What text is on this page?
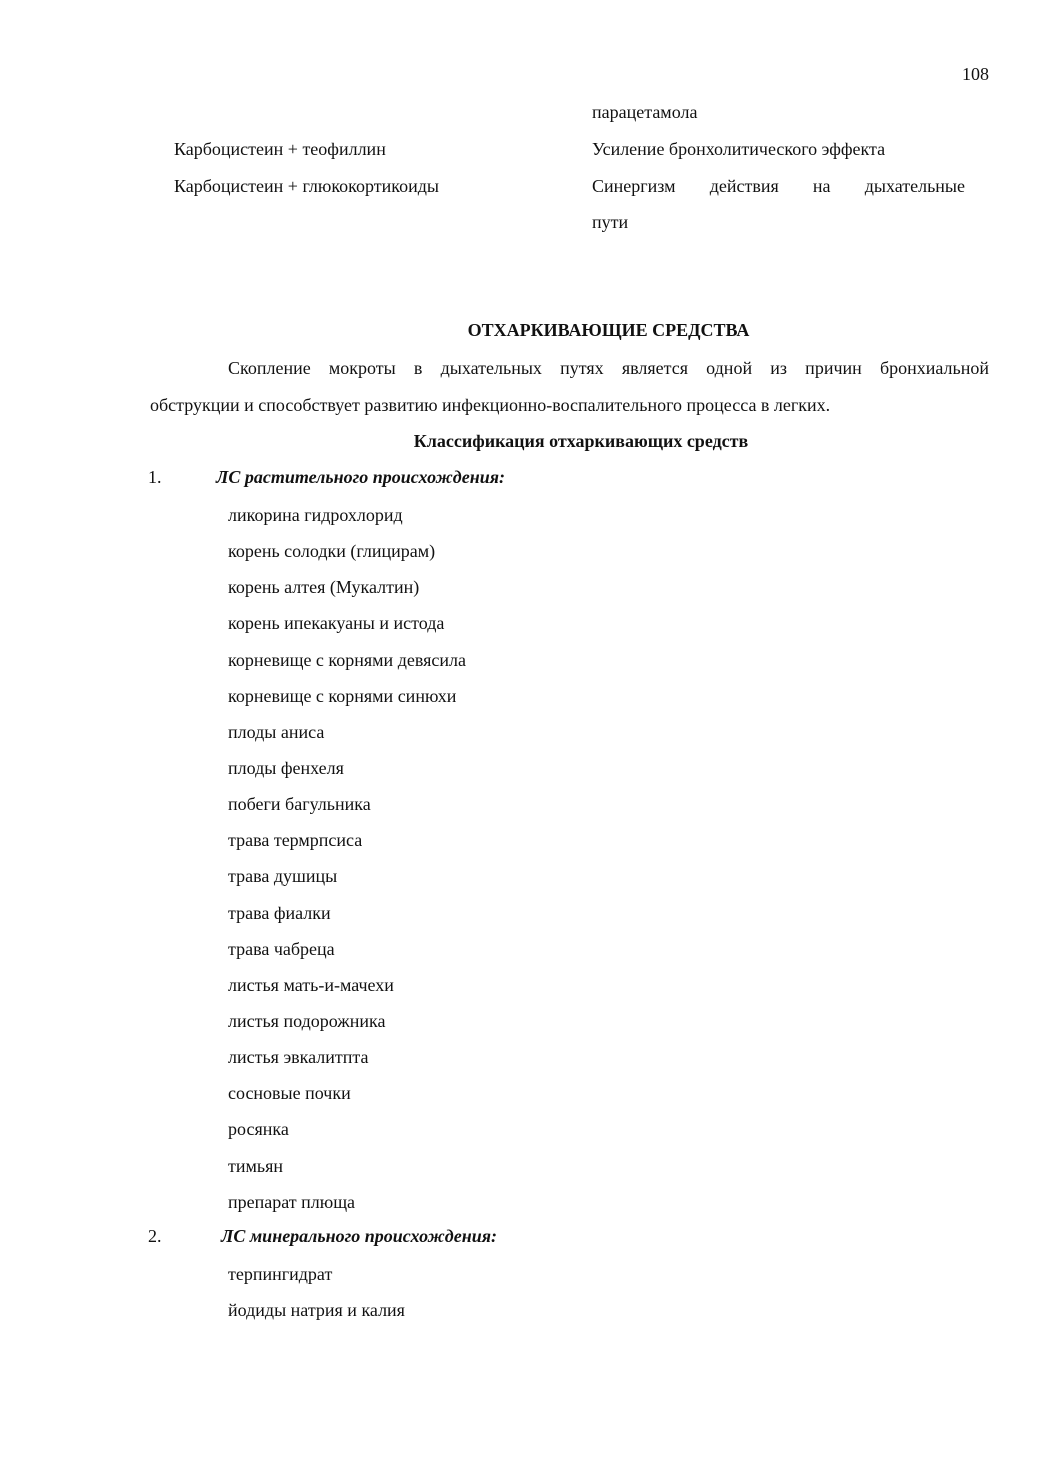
108
парацетамола
Карбоцистеин + теофиллин	Усиление бронхолитического эффекта
Карбоцистеин + глюкокортикоиды	Синергизм действия на дыхательные
пути
ОТХАРКИВАЮЩИЕ СРЕДСТВА
Скопление мокроты в дыхательных путях является одной из причин бронхиальной
обструкции и способствует развитию инфекционно-воспалительного процесса в легких.
Классификация отхаркивающих средств
1.	ЛС растительного происхождения:
ликорина гидрохлорид
корень солодки (глицирам)
корень алтея (Мукалтин)
корень ипекакуаны и истода
корневище с корнями девясила
корневище с корнями синюхи
плоды аниса
плоды фенхеля
побеги багульника
трава термрпсиса
трава душицы
трава фиалки
трава чабреца
листья мать-и-мачехи
листья подорожника
листья эвкалитпта
сосновые почки
росянка
тимьян
препарат плюща
2.	ЛС минерального происхождения:
терпингидрат
йодиды натрия и калия
